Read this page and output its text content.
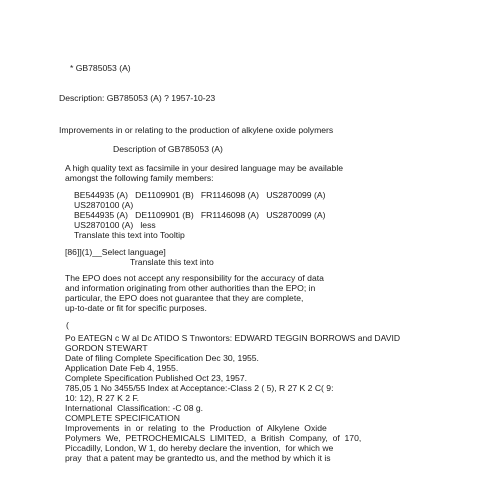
* GB785053 (A)
Description: GB785053 (A) ? 1957-10-23
Improvements in or relating to the production of alkylene oxide polymers
Description of GB785053 (A)
A high quality text as facsimile in your desired language may be available
amongst the following family members:
BE544935 (A)   DE1109901 (B)   FR1146098 (A)   US2870099 (A)
US2870100 (A)
BE544935 (A)   DE1109901 (B)   FR1146098 (A)   US2870099 (A)
US2870100 (A)   less
Translate this text into Tooltip
[86]](1)__Select language]
Translate this text into
The EPO does not accept any responsibility for the accuracy of data
and information originating from other authorities than the EPO; in
particular, the EPO does not guarantee that they are complete,
up-to-date or fit for specific purposes.
(
Po EATEGN c W al Dc ATIDO S Tnwontors: EDWARD TEGGIN BORROWS and DAVID
GORDON STEWART
Date of filing Complete Specification Dec 30, 1955.
Application Date Feb 4, 1955.
Complete Specification Published Oct 23, 1957.
785,05 1 No 3455/55 Index at Acceptance:-Class 2 ( 5), R 27 K 2 C( 9:
10: 12), R 27 K 2 F.
International  Classification: -C 08 g.
COMPLETE SPECIFICATION
Improvements  in  or  relating  to  the  Production  of  Alkylene  Oxide
Polymers  We,  PETROCHEMICALS  LIMITED,  a  British  Company,  of  170,
Piccadilly, London, W 1, do hereby declare the invention,  for which we
pray  that a patent may be grantedto us, and the method by which it is
